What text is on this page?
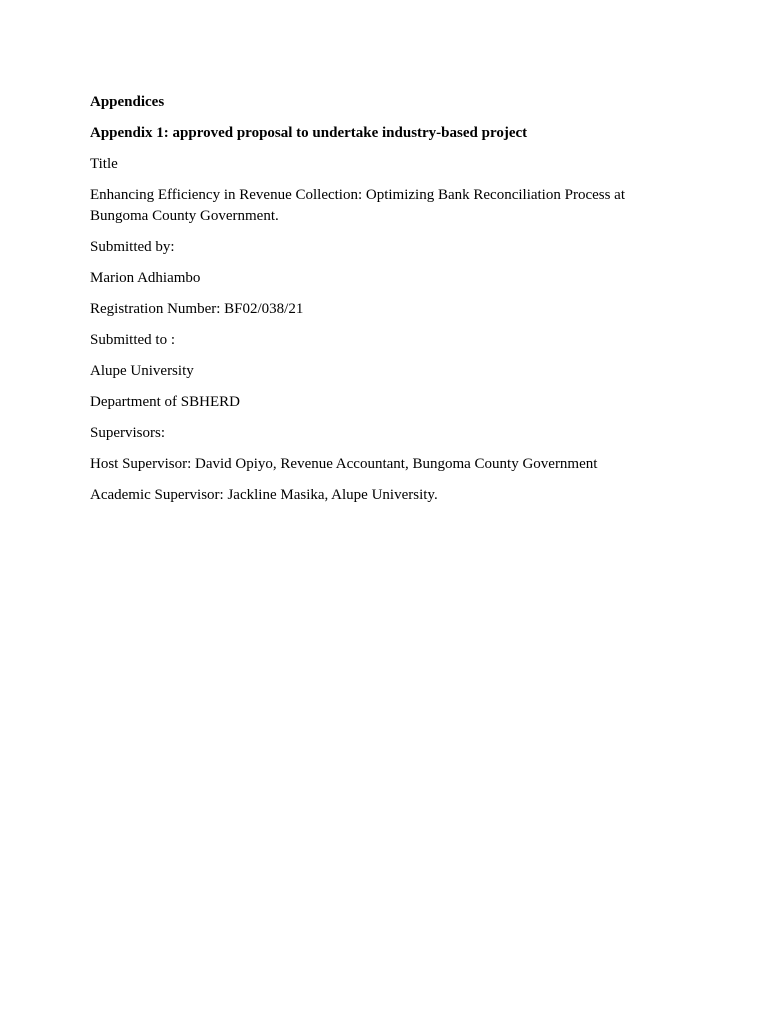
Appendices

Appendix 1: approved proposal to undertake industry-based project

Title

Enhancing Efficiency in Revenue Collection: Optimizing Bank Reconciliation Process at Bungoma County Government.

Submitted by:

Marion Adhiambo

Registration Number: BF02/038/21

Submitted to :

Alupe University

Department of SBHERD

Supervisors:

Host Supervisor: David Opiyo, Revenue Accountant, Bungoma County Government

Academic Supervisor: Jackline Masika, Alupe University.
